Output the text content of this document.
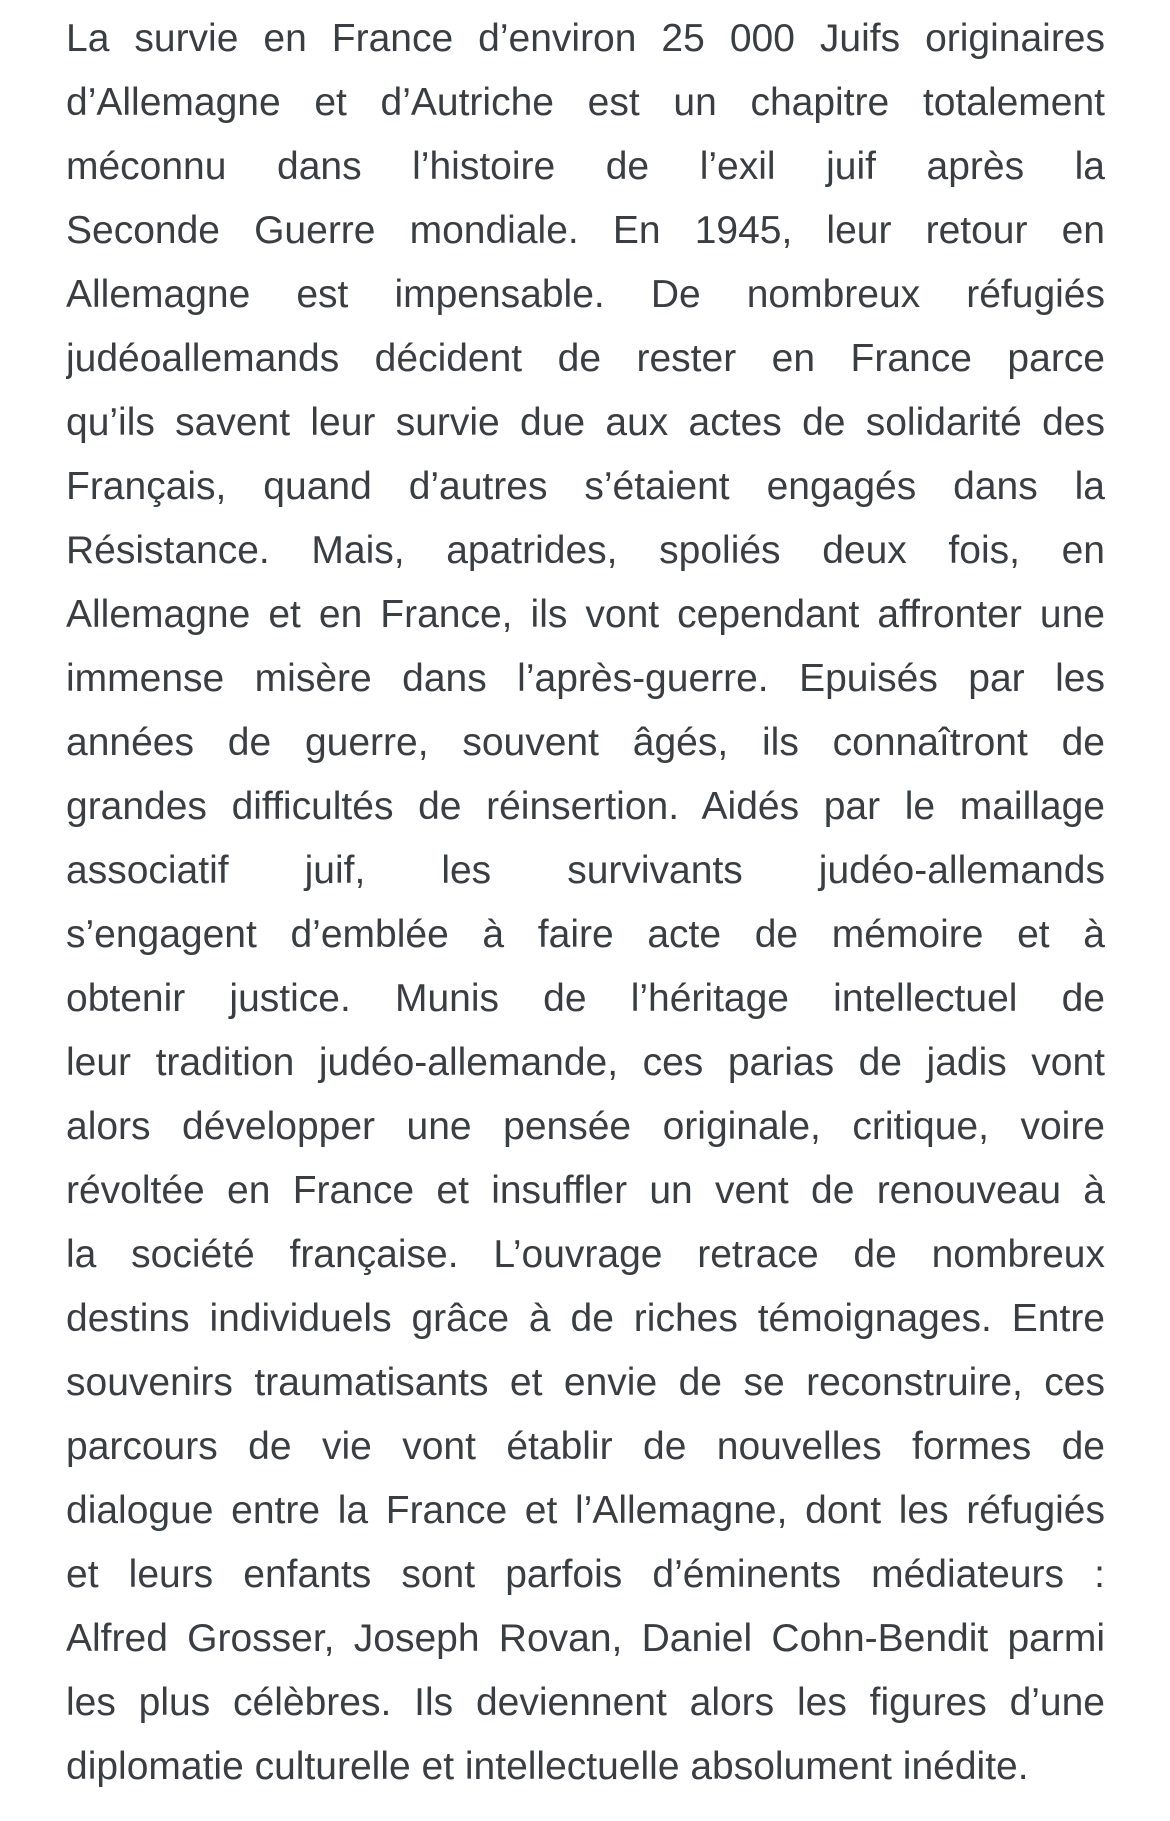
La survie en France d’environ 25 000 Juifs originaires
d’Allemagne et d’Autriche est un chapitre totalement
méconnu dans l’histoire de l’exil juif après la
Seconde Guerre mondiale. En 1945, leur retour en
Allemagne est impensable. De nombreux réfugiés
judéoallemands décident de rester en France parce
qu’ils savent leur survie due aux actes de solidarité des
Français, quand d’autres s’étaient engagés dans la
Résistance. Mais, apatrides, spoliés deux fois, en
Allemagne et en France, ils vont cependant affronter une
immense misère dans l’après-guerre. Epuisés par les
années de guerre, souvent âgés, ils connaîtront de
grandes difficultés de réinsertion. Aidés par le maillage
associatif juif, les survivants judéo-allemands
s’engagent d’emblée à faire acte de mémoire et à
obtenir justice. Munis de l’héritage intellectuel de
leur tradition judéo-allemande, ces parias de jadis vont
alors développer une pensée originale, critique, voire
révoltée en France et insuffler un vent de renouveau à
la société française. L’ouvrage retrace de nombreux
destins individuels grâce à de riches témoignages. Entre
souvenirs traumatisants et envie de se reconstruire, ces
parcours de vie vont établir de nouvelles formes de
dialogue entre la France et l’Allemagne, dont les réfugiés
et leurs enfants sont parfois d’éminents médiateurs :
Alfred Grosser, Joseph Rovan, Daniel Cohn-Bendit parmi
les plus célèbres. Ils deviennent alors les figures d’une
diplomatie culturelle et intellectuelle absolument inédite.
